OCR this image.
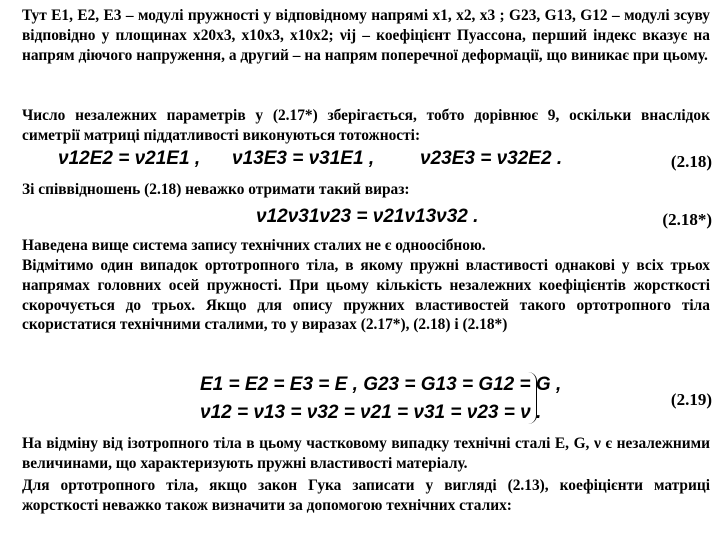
Тут E1, E2, E3 – модулі пружності у відповідному напрямі x1, x2, x3 ; G23, G13, G12 – модулі зсуву відповідно у площинах x20x3, x10x3, x10x2; νij – коефіцієнт Пуассона, перший індекс вказує на напрям діючого напруження, а другий – на напрям поперечної деформації, що виникає при цьому.
Число незалежних параметрів у (2.17*) зберігається, тобто дорівнює 9, оскільки внаслідок симетрії матриці піддатливості виконуються тотожності:
ν12E2 = ν21E1 , ν13E3 = ν31E1 , ν23E3 = ν32E2 .	(2.18)
Зі співвідношень (2.18) неважко отримати такий вираз:
ν12ν31ν23 = ν21ν13ν32 .	(2.18*)
Наведена вище система запису технічних сталих не є одноосібною.
Відмітимо один випадок ортотропного тіла, в якому пружні властивості однакові у всіх трьох напрямах головних осей пружності. При цьому кількість незалежних коефіцієнтів жорсткості скорочується до трьох. Якщо для опису пружних властивостей такого ортотропного тіла скористатися технічними сталими, то у виразах (2.17*), (2.18) і (2.18*)
E1 = E2 = E3 = E , G23 = G13 = G12 = G ,
ν12 = ν13 = ν32 = ν21 = ν31 = ν23 = ν .
(2.19)
На відміну від ізотропного тіла в цьому частковому випадку технічні сталі E, G, ν є незалежними величинами, що характеризують пружні властивості матеріалу.
Для ортотропного тіла, якщо закон Гука записати у вигляді (2.13), коефіцієнти матриці жорсткості неважко також визначити за допомогою технічних сталих:
